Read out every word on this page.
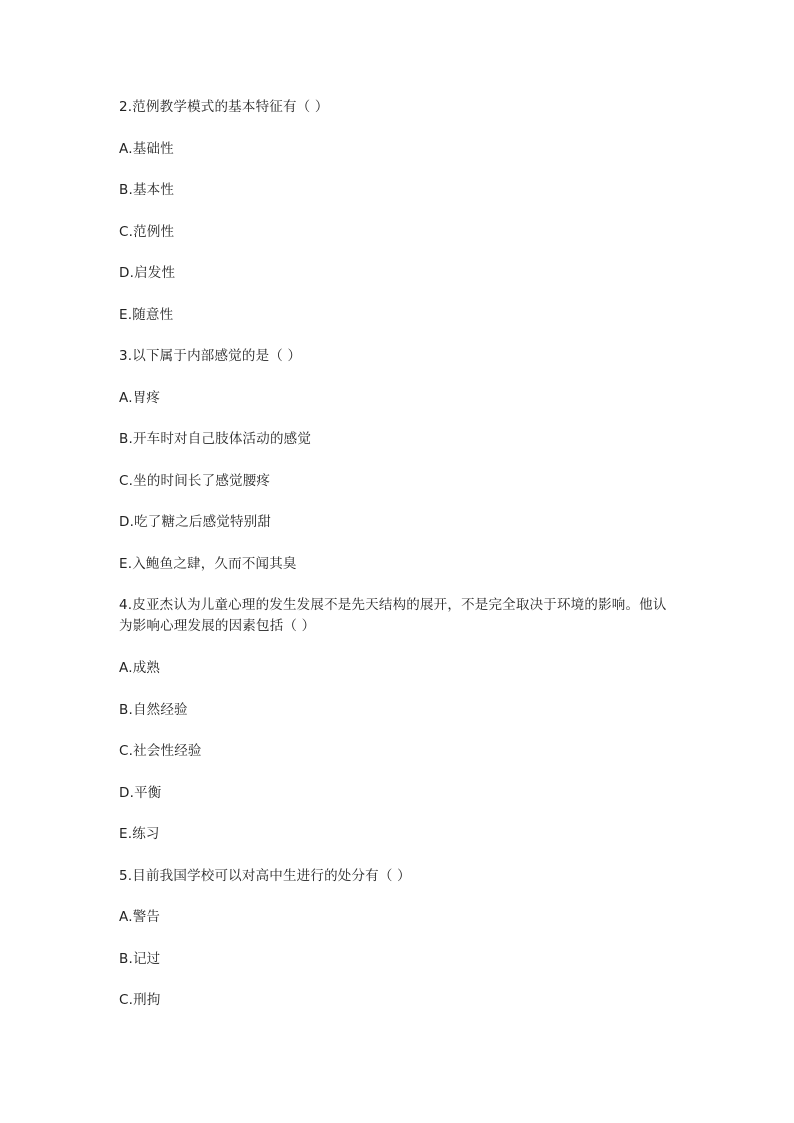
2.范例教学模式的基本特征有（ ）
A.基础性
B.基本性
C.范例性
D.启发性
E.随意性
3.以下属于内部感觉的是（ ）
A.胃疼
B.开车时对自己肢体活动的感觉
C.坐的时间长了感觉腰疼
D.吃了糖之后感觉特别甜
E.入鲍鱼之肆，久而不闻其臭
4.皮亚杰认为儿童心理的发生发展不是先天结构的展开，不是完全取决于环境的影响。他认为影响心理发展的因素包括（ ）
A.成熟
B.自然经验
C.社会性经验
D.平衡
E.练习
5.目前我国学校可以对高中生进行的处分有（ ）
A.警告
B.记过
C.刑拘
